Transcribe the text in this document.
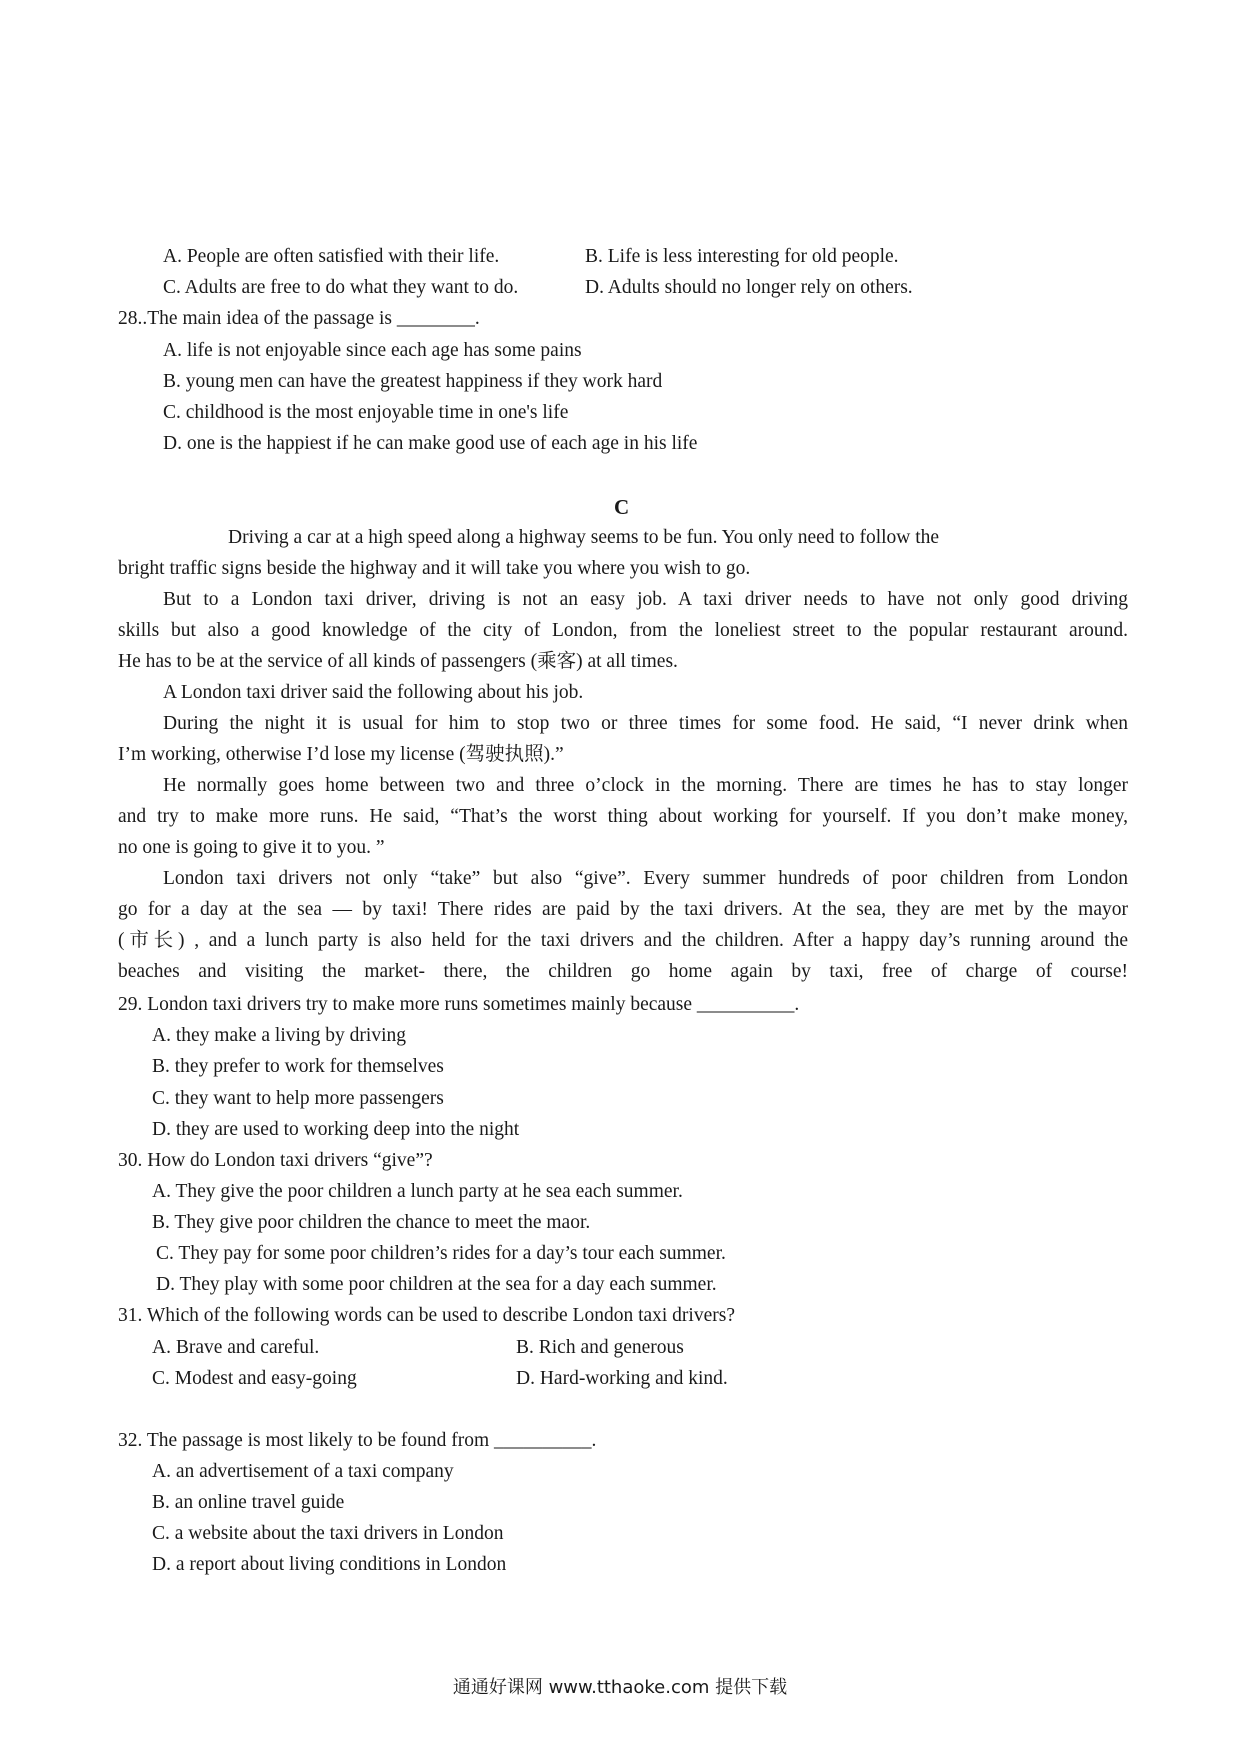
A. People are often satisfied with their life.	B. Life is less interesting for old people.
C. Adults are free to do what they want to do.	D. Adults should no longer rely on others.
28..The main idea of the passage is ________.
A. life is not enjoyable since each age has some pains
B. young men can have the greatest happiness if they work hard
C. childhood is the most enjoyable time in one's life
D. one is the happiest if he can make good use of each age in his life
C
Driving a car at a high speed along a highway seems to be fun. You only need to follow the
bright traffic signs beside the highway and it will take you where you wish to go.
But to a London taxi driver, driving is not an easy job. A taxi driver needs to have not only good driving
skills but also a good knowledge of the city of London, from the loneliest street to the popular restaurant around.
He has to be at the service of all kinds of passengers (乘客) at all times.
A London taxi driver said the following about his job.
During the night it is usual for him to stop two or three times for some food. He said, “I never drink when
I’m working, otherwise I’d lose my license (驾驶执照).”
He normally goes home between two and three o’clock in the morning. There are times he has to stay longer
and try to make more runs. He said, “That’s the worst thing about working for yourself. If you don’t make money,
no one is going to give it to you. ”
London taxi drivers not only “take” but also “give”. Every summer hundreds of poor children from London
go for a day at the sea — by taxi! There rides are paid by the taxi drivers. At the sea, they are met by the mayor
(市长) , and a lunch party is also held for the taxi drivers and the children. After a happy day’s running around the
beaches and visiting the market- there, the children go home again by taxi, free of charge of course!
29. London taxi drivers try to make more runs sometimes mainly because __________.
A. they make a living by driving
B. they prefer to work for themselves
C. they want to help more passengers
D. they are used to working deep into the night
30. How do London taxi drivers “give”?
A. They give the poor children a lunch party at he sea each summer.
B. They give poor children the chance to meet the maor.
C. They pay for some poor children’s rides for a day’s tour each summer.
D. They play with some poor children at the sea for a day each summer.
31. Which of the following words can be used to describe London taxi drivers?
A. Brave and careful.	B. Rich and generous
C. Modest and easy-going	D. Hard-working and kind.
32. The passage is most likely to be found from __________.
A. an advertisement of a taxi company
B. an online travel guide
C. a website about the taxi drivers in London
D. a report about living conditions in London
通通好课网 www.tthaoke.com 提供下载
